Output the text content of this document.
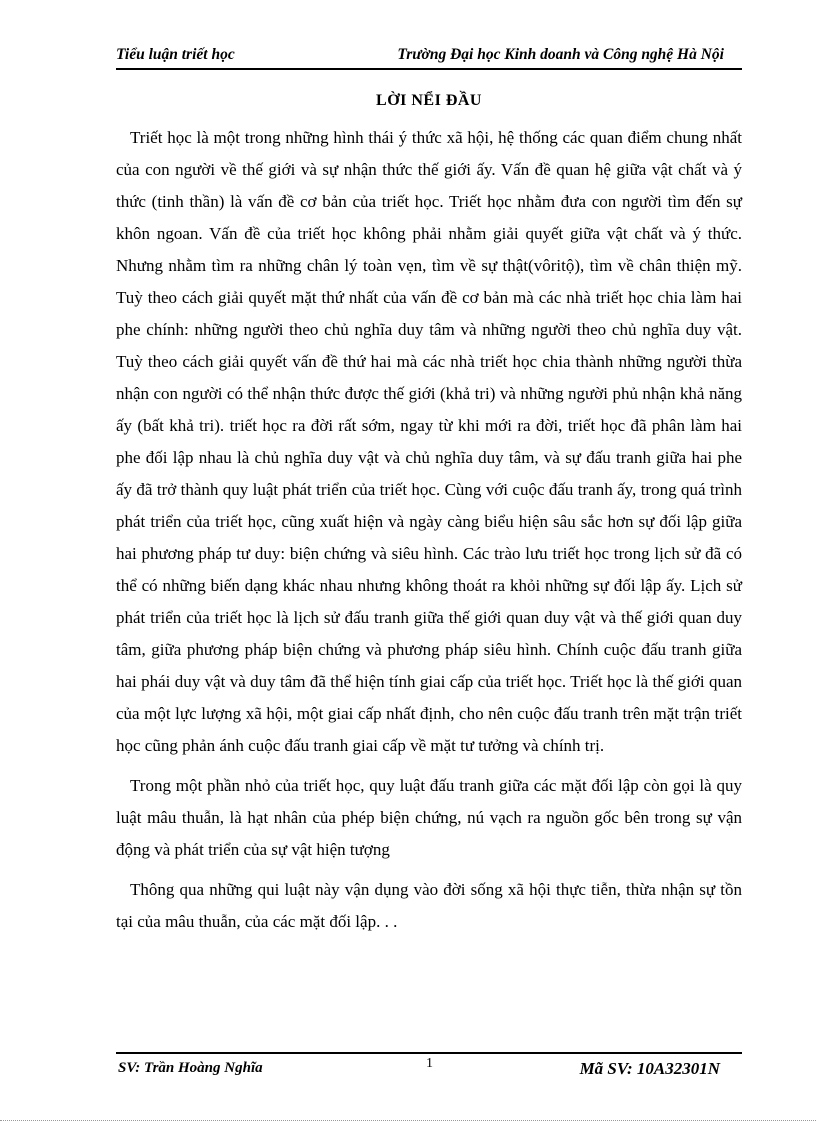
Tiểu luận triết học	Trường Đại học Kinh doanh và Công nghệ Hà Nội
LỜI NỂI ĐẦU

Triết học là một trong những hình thái ý thức xã hội, hệ thống các quan điểm chung nhất của con người về thế giới và sự nhận thức thế giới ấy. Vấn đề quan hệ giữa vật chất và ý thức (tinh thần) là vấn đề cơ bản của triết học. Triết học nhằm đưa con người tìm đến sự khôn ngoan. Vấn đề của triết học không phải nhằm giải quyết giữa vật chất và ý thức. Nhưng nhằm tìm ra những chân lý toàn vẹn, tìm về sự thật(vôritộ), tìm về chân thiện mỹ. Tuỳ theo cách giải quyết mặt thứ nhất của vấn đề cơ bản mà các nhà triết học chia làm hai phe chính: những người theo chủ nghĩa duy tâm và những người theo chủ nghĩa duy vật. Tuỳ theo cách giải quyết vấn đề thứ hai mà các nhà triết học chia thành những người thừa nhận con người có thể nhận thức được thế giới (khả tri) và những người phủ nhận khả năng ấy (bất khả tri). triết học ra đời rất sớm, ngay từ khi mới ra đời, triết học đã phân làm hai phe đối lập nhau là chủ nghĩa duy vật và chủ nghĩa duy tâm, và sự đấu tranh giữa hai phe ấy đã trở thành quy luật phát triển của triết học. Cùng với cuộc đấu tranh ấy, trong quá trình phát triển của triết học, cũng xuất hiện và ngày càng biểu hiện sâu sắc hơn sự đối lập giữa hai phương pháp tư duy: biện chứng và siêu hình. Các trào lưu triết học trong lịch sử đã có thể có những biến dạng khác nhau nhưng không thoát ra khỏi những sự đối lập ấy. Lịch sử phát triển của triết học là lịch sử đấu tranh giữa thế giới quan duy vật và thế giới quan duy tâm, giữa phương pháp biện chứng và phương pháp siêu hình. Chính cuộc đấu tranh giữa hai phái duy vật và duy tâm đã thể hiện tính giai cấp của triết học. Triết học là thế giới quan của một lực lượng xã hội, một giai cấp nhất định, cho nên cuộc đấu tranh trên mặt trận triết học cũng phản ánh cuộc đấu tranh giai cấp về mặt tư tưởng và chính trị.

Trong một phần nhỏ của triết học, quy luật đấu tranh giữa các mặt đối lập còn gọi là quy luật mâu thuẫn, là hạt nhân của phép biện chứng, nú vạch ra nguồn gốc bên trong sự vận động và phát triển của sự vật hiện tượng

Thông qua những qui luật này vận dụng vào đời sống xã hội thực tiễn, thừa nhận sự tồn tại của mâu thuẫn, của các mặt đối lập. . .

SV: Trần Hoàng Nghĩa	1	Mã SV: 10A32301N
